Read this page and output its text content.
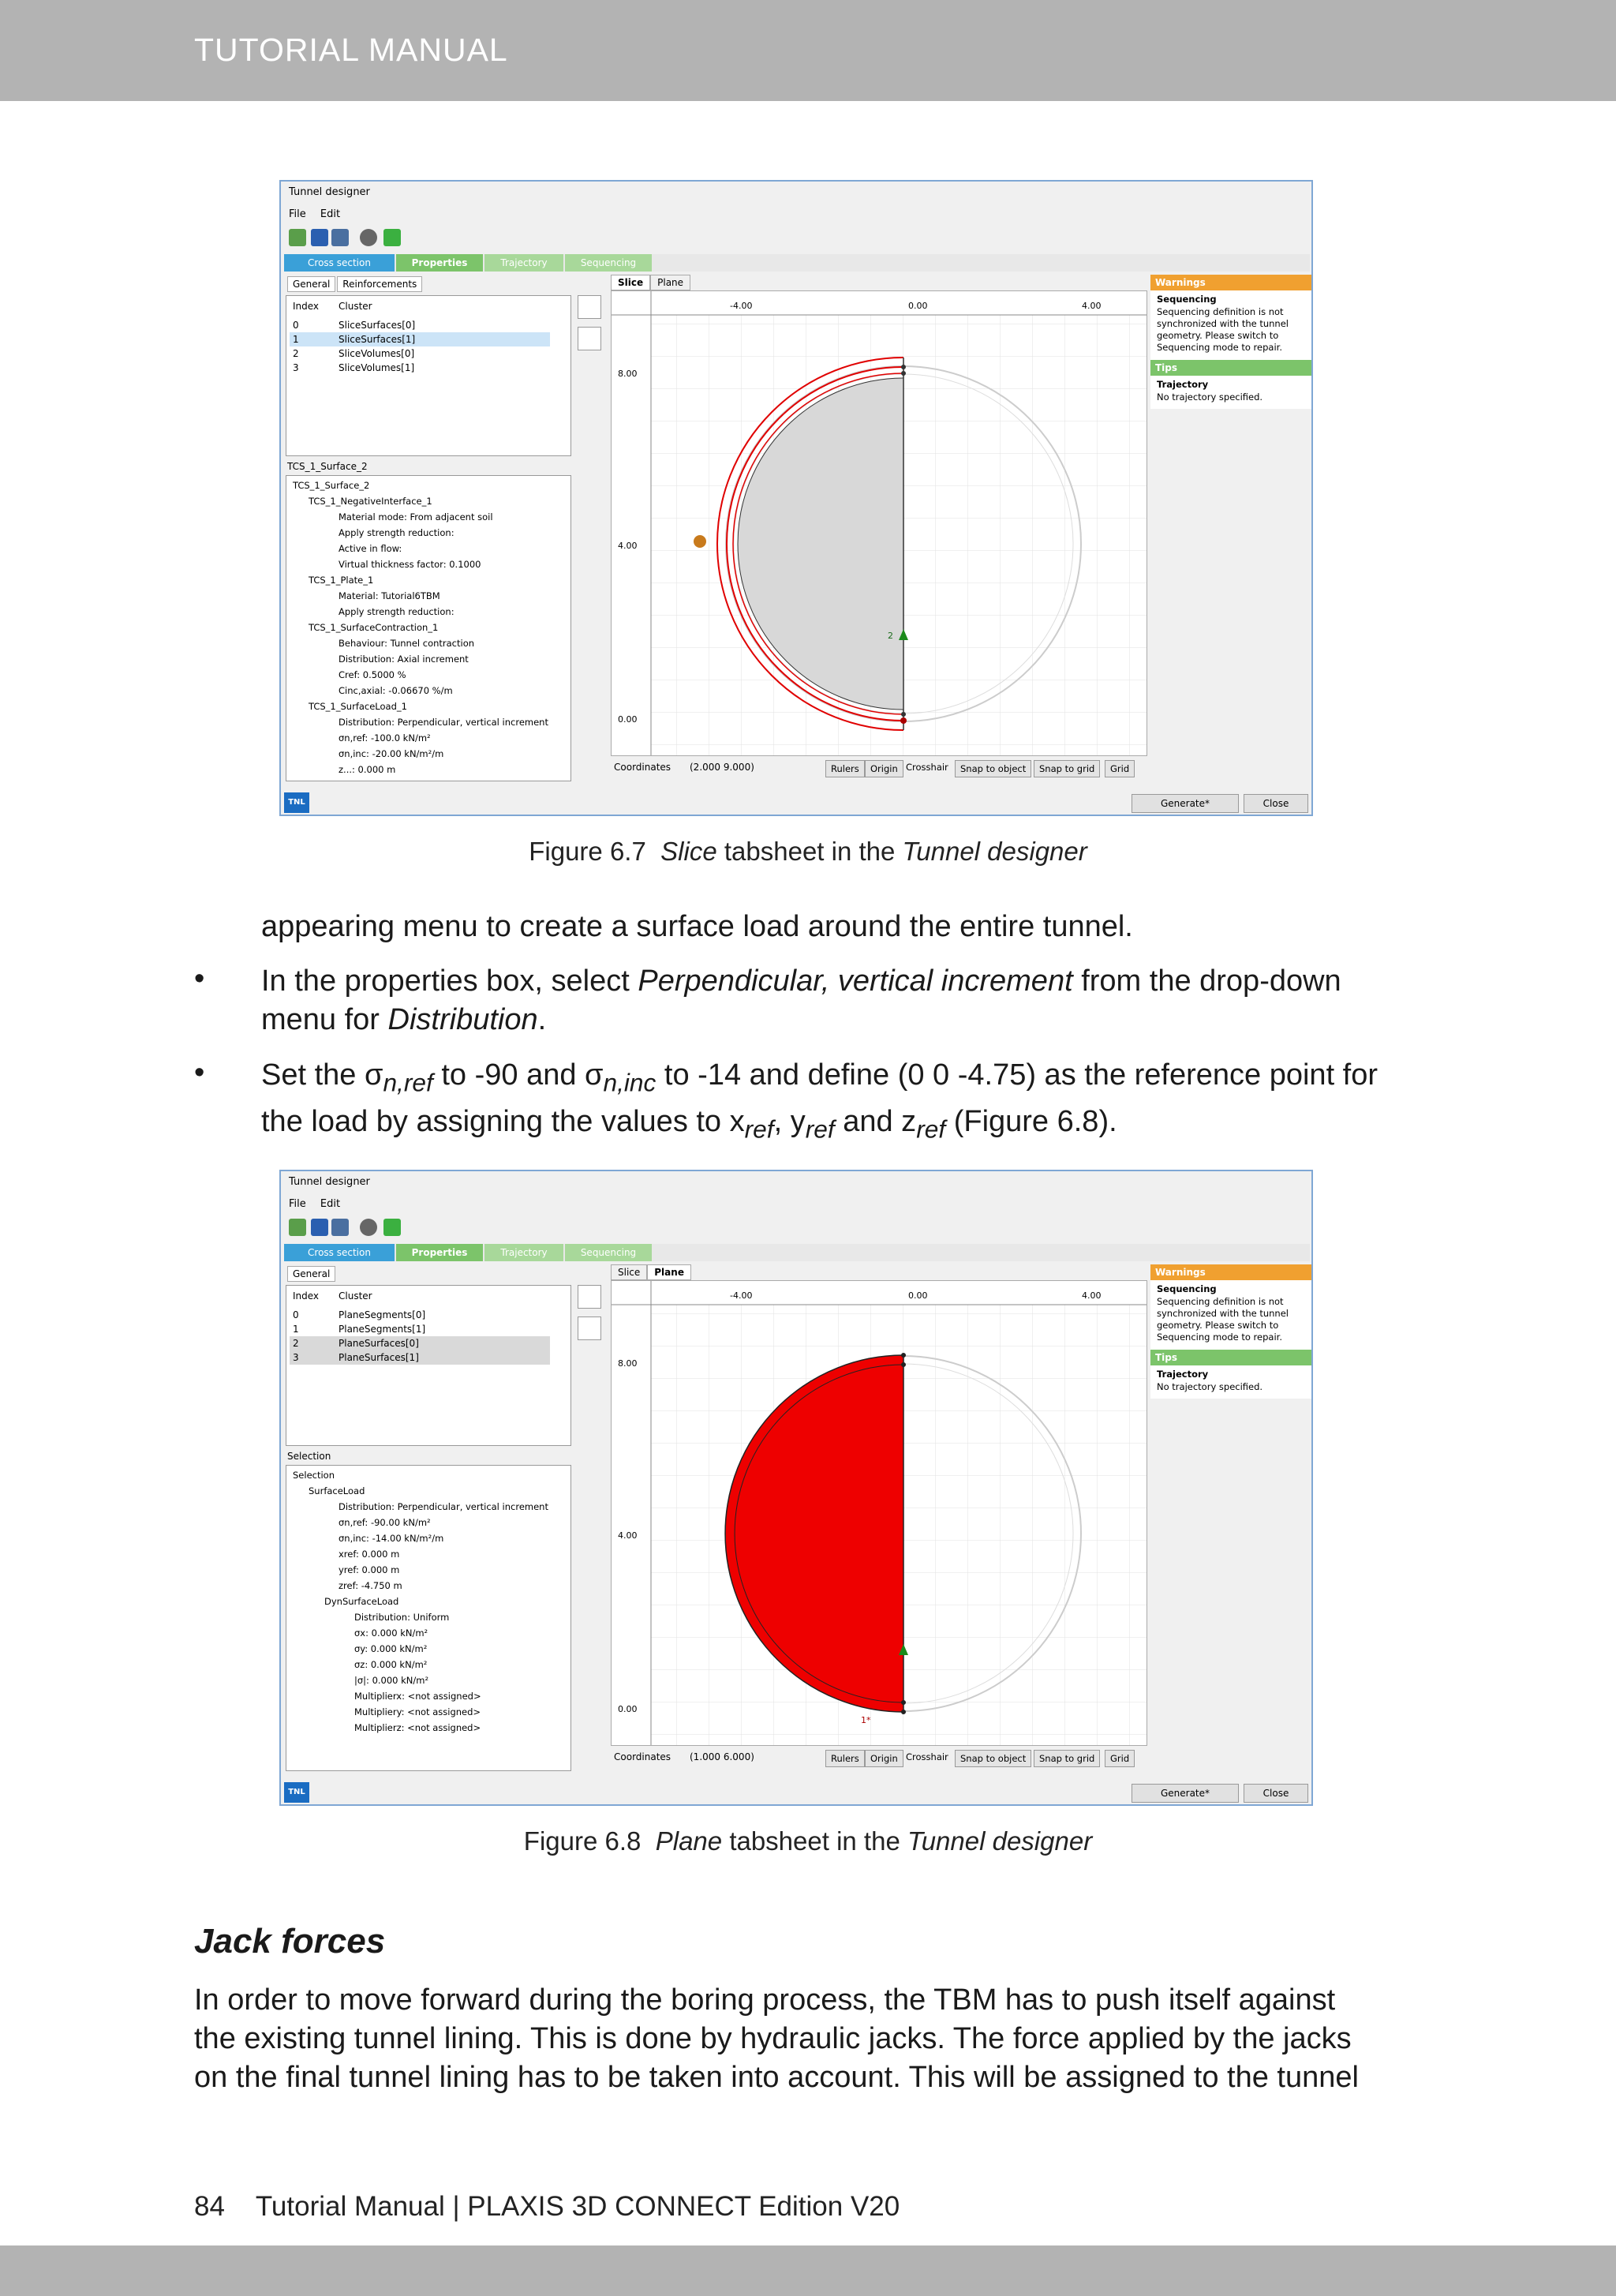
TUTORIAL MANUAL
Tunnel designer
File Edit
Cross section	Properties	Trajectory	Sequencing
General Reinforcements
Index Cluster
0	SliceSurfaces[0]
1	SliceSurfaces[1]
2	SliceVolumes[0]
3	SliceVolumes[1]
TCS_1_Surface_2
TCS_1_Surface_2
TCS_1_NegativeInterface_1
Material mode: From adjacent soil
Apply strength reduction:
Active in flow:
Virtual thickness factor: 0.1000
TCS_1_Plate_1
Material: Tutorial6TBM
Apply strength reduction:
TCS_1_SurfaceContraction_1
Behaviour: Tunnel contraction
Distribution: Axial increment
Cref: 0.5000 %
Cinc,axial: -0.06670 %/m
TCS_1_SurfaceLoad_1
Distribution: Perpendicular, vertical increment
σn,ref: -100.0 kN/m²
σn,inc: -20.00 kN/m²/m
z...: 0.000 m
Slice Plane
-4.00	0.00	4.00
8.00
4.00
0.00
2
Coordinates (2.000 9.000)	Rulers	Origin Crosshair	Snap to object	Snap to grid	Grid
Warnings
Sequencing
Sequencing definition is not synchronized with the tunnel geometry. Please switch to Sequencing mode to repair.
Tips
Trajectory
No trajectory specified.
TNL	Generate*	Close
Figure 6.7 Slice tabsheet in the Tunnel designer
appearing menu to create a surface load around the entire tunnel.
• In the properties box, select Perpendicular, vertical increment from the drop-down
menu for Distribution.
• Set the $\sigma_{n,ref}$ to -90 and $\sigma_{n,inc}$ to -14 and define (0 0 -4.75) as the reference point for
the load by assigning the values to $x_{ref}$, $y_{ref}$ and $z_{ref}$ (Figure 6.8).
Tunnel designer
File Edit
Cross section	Properties	Trajectory	Sequencing
General
Index Cluster
0	PlaneSegments[0]
1	PlaneSegments[1]
2	PlaneSurfaces[0]
3	PlaneSurfaces[1]
Selection
Selection
SurfaceLoad
Distribution: Perpendicular, vertical increment
σn,ref: -90.00 kN/m²
σn,inc: -14.00 kN/m²/m
xref: 0.000 m
yref: 0.000 m
zref: -4.750 m
DynSurfaceLoad
Distribution: Uniform
σx: 0.000 kN/m²
σy: 0.000 kN/m²
σz: 0.000 kN/m²
|σ|: 0.000 kN/m²
Multiplierx: <not assigned>
Multipliery: <not assigned>
Multiplierz: <not assigned>
Slice Plane
-4.00	0.00	4.00
8.00
4.00
0.00
1*
Coordinates (1.000 6.000)	Rulers	Origin Crosshair	Snap to object	Snap to grid	Grid
Warnings
Sequencing
Sequencing definition is not synchronized with the tunnel geometry. Please switch to Sequencing mode to repair.
Tips
Trajectory
No trajectory specified.
TNL	Generate*	Close
Figure 6.8 Plane tabsheet in the Tunnel designer
Jack forces
In order to move forward during the boring process, the TBM has to push itself against
the existing tunnel lining. This is done by hydraulic jacks. The force applied by the jacks
on the final tunnel lining has to be taken into account. This will be assigned to the tunnel
84 Tutorial Manual | PLAXIS 3D CONNECT Edition V20
